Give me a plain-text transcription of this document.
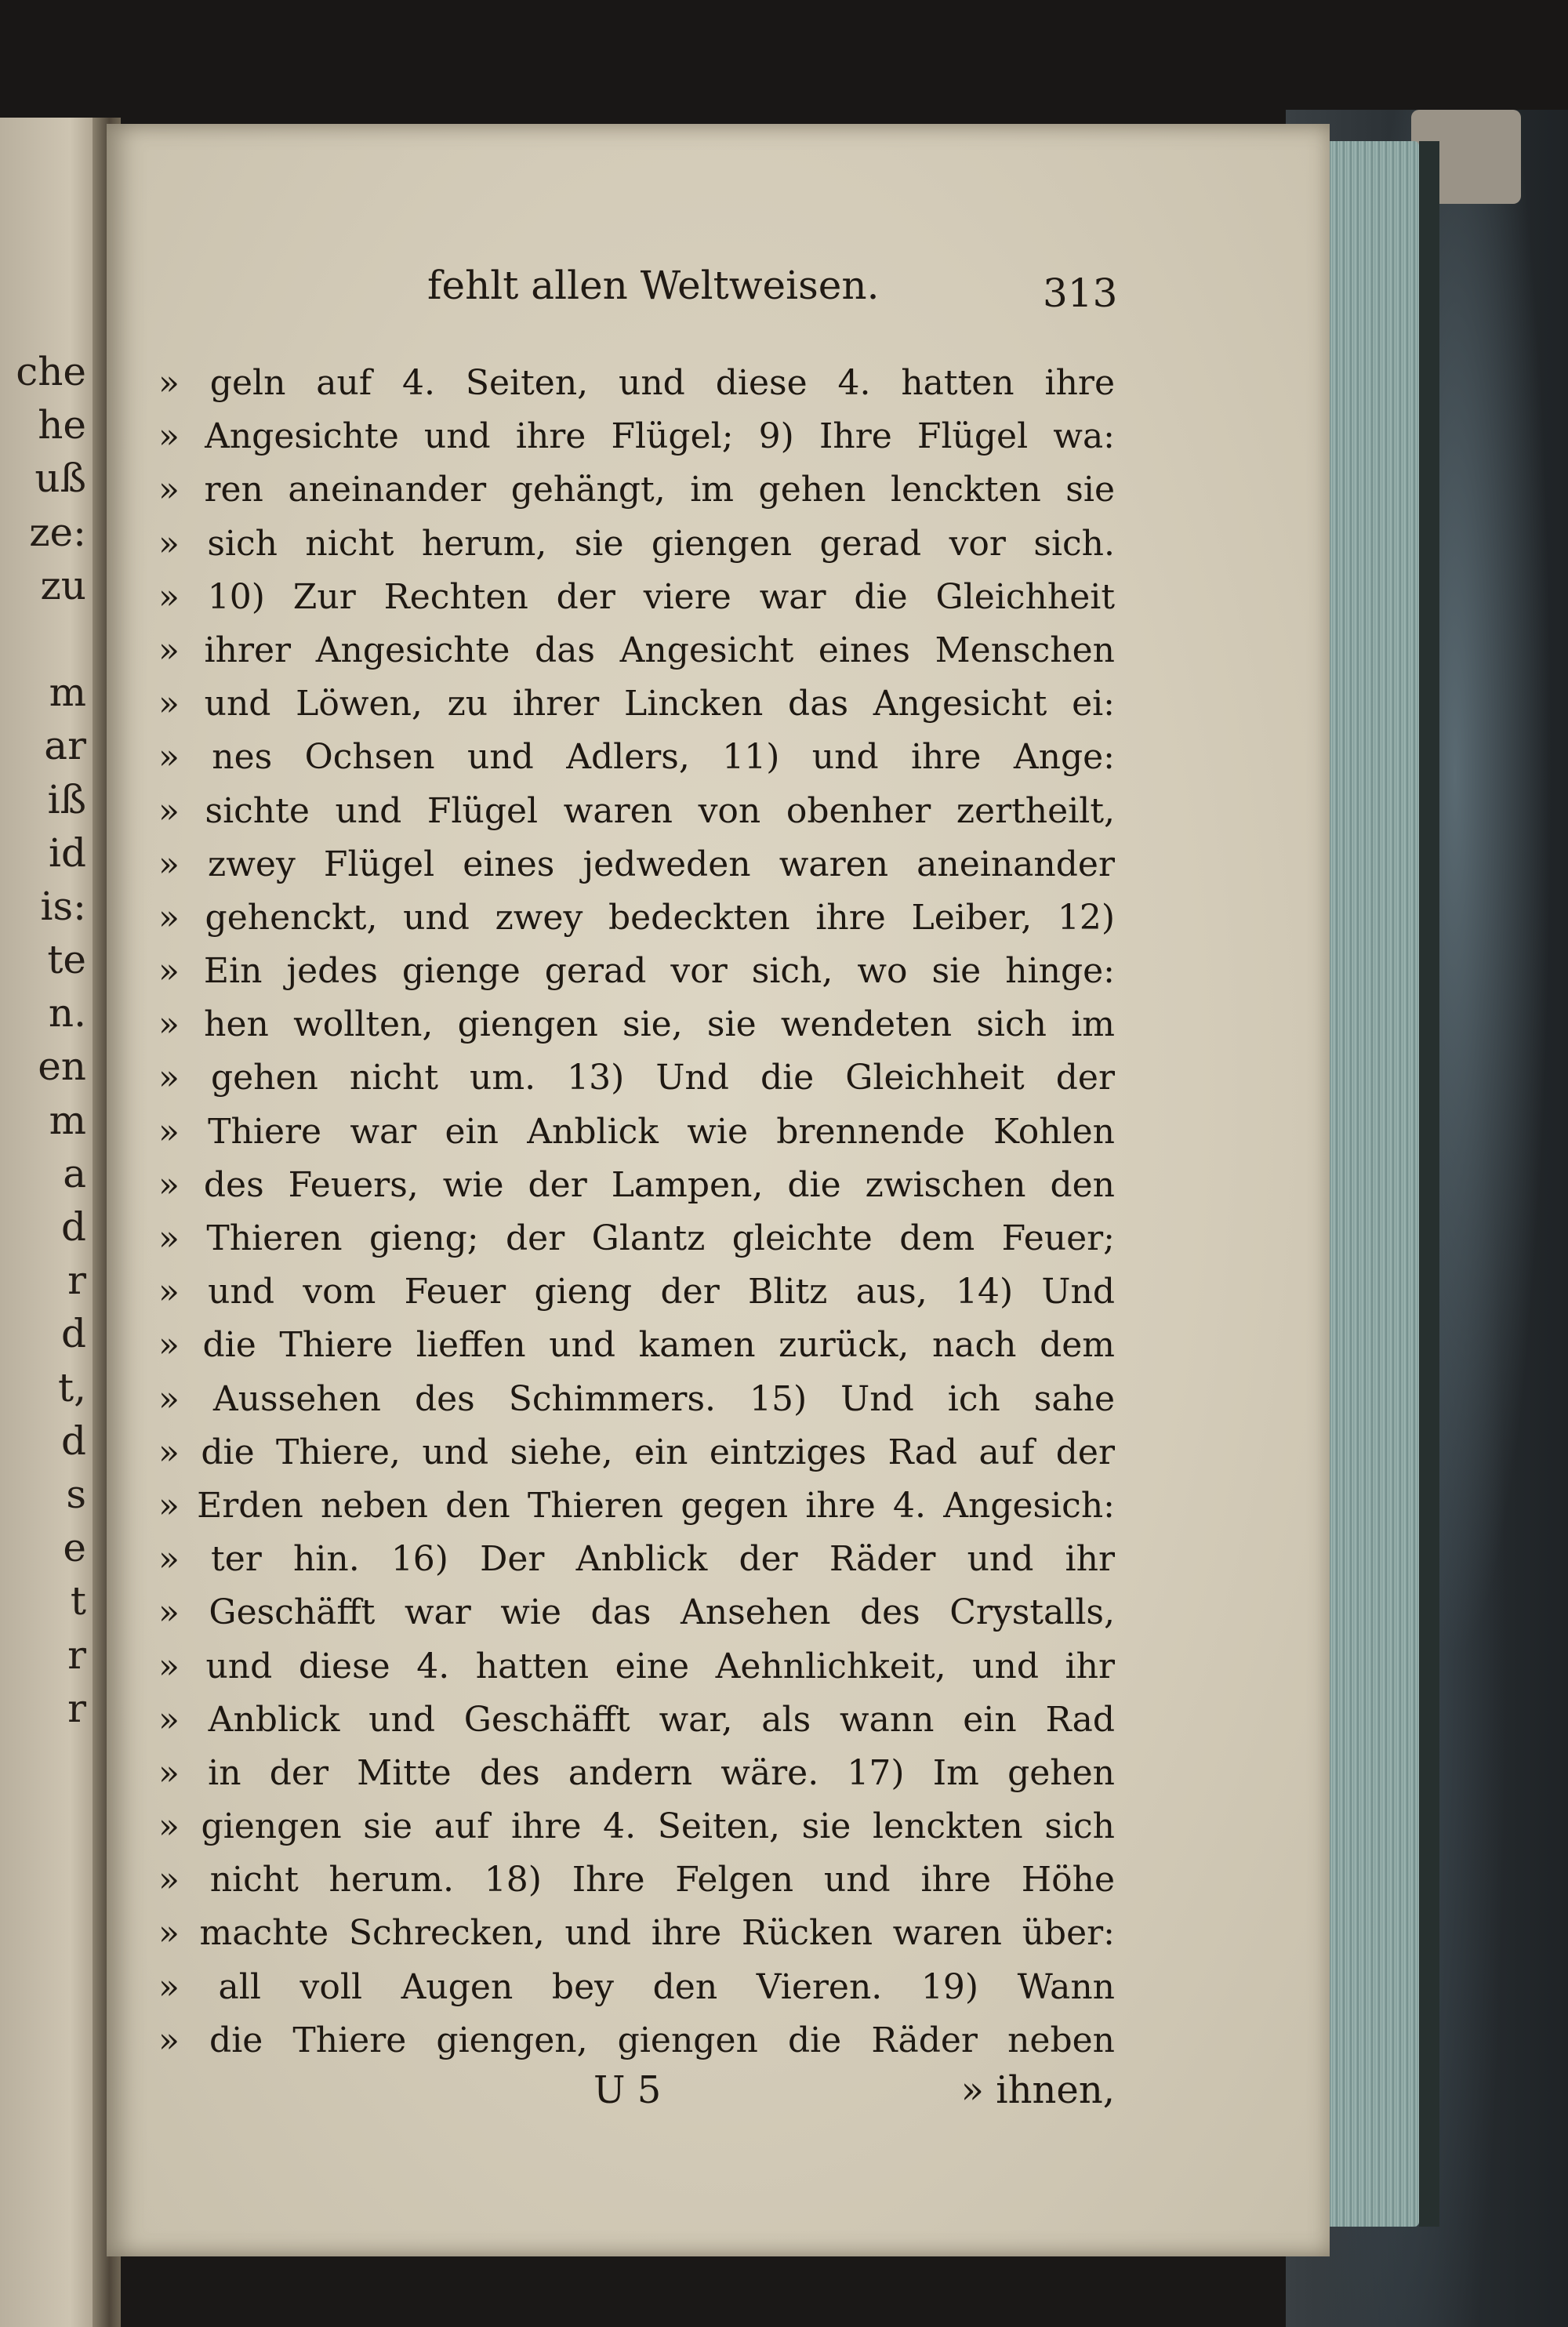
che
he
uß
ze:
zu
m
ar
iß
id
is:
te
n.
en
m
a
d
r
d
t,
d
s
e
t
r
r
fehlt allen Weltweisen.	313
» geln auf 4. Seiten, und diese 4. hatten ihre
» Angesichte und ihre Flügel; 9) Ihre Flügel wa:
» ren aneinander gehängt, im gehen lenckten sie
» sich nicht herum, sie giengen gerad vor sich.
» 10) Zur Rechten der viere war die Gleichheit
» ihrer Angesichte das Angesicht eines Menschen
» und Löwen, zu ihrer Lincken das Angesicht ei:
» nes Ochsen und Adlers, 11) und ihre Ange:
» sichte und Flügel waren von obenher zertheilt,
» zwey Flügel eines jedweden waren aneinander
» gehenckt, und zwey bedeckten ihre Leiber, 12)
» Ein jedes gienge gerad vor sich, wo sie hinge:
» hen wollten, giengen sie, sie wendeten sich im
» gehen nicht um. 13) Und die Gleichheit der
» Thiere war ein Anblick wie brennende Kohlen
» des Feuers, wie der Lampen, die zwischen den
» Thieren gieng; der Glantz gleichte dem Feuer;
» und vom Feuer gieng der Blitz aus, 14) Und
» die Thiere lieffen und kamen zurück, nach dem
» Aussehen des Schimmers. 15) Und ich sahe
» die Thiere, und siehe, ein eintziges Rad auf der
» Erden neben den Thieren gegen ihre 4. Angesich:
» ter hin. 16) Der Anblick der Räder und ihr
» Geschäfft war wie das Ansehen des Crystalls,
» und diese 4. hatten eine Aehnlichkeit, und ihr
» Anblick und Geschäfft war, als wann ein Rad
» in der Mitte des andern wäre. 17) Im gehen
» giengen sie auf ihre 4. Seiten, sie lenckten sich
» nicht herum. 18) Ihre Felgen und ihre Höhe
» machte Schrecken, und ihre Rücken waren über:
» all voll Augen bey den Vieren. 19) Wann
» die Thiere giengen, giengen die Räder neben
U 5	» ihnen,
